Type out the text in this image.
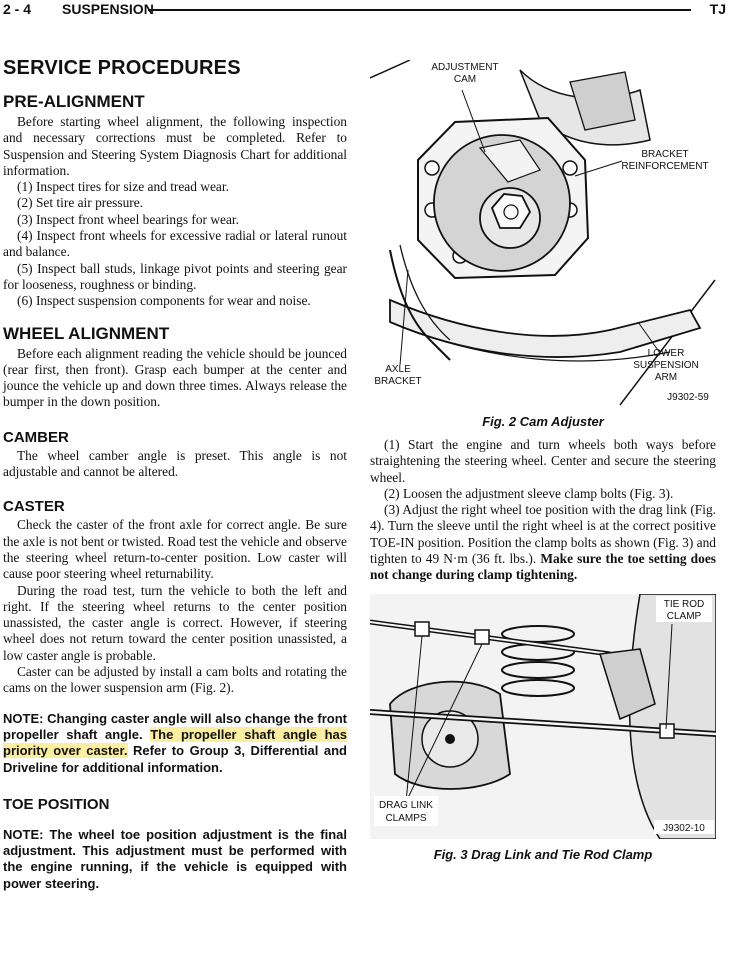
2 - 4 SUSPENSION	TJ
SERVICE PROCEDURES
PRE-ALIGNMENT

Before starting wheel alignment, the following inspection and necessary corrections must be completed. Refer to Suspension and Steering System Diagnosis Chart for additional information.

(1) Inspect tires for size and tread wear.

(2) Set tire air pressure.

(3) Inspect front wheel bearings for wear.

(4) Inspect front wheels for excessive radial or lateral runout and balance.

(5) Inspect ball studs, linkage pivot points and steering gear for looseness, roughness or binding.

(6) Inspect suspension components for wear and noise.

WHEEL ALIGNMENT

Before each alignment reading the vehicle should be jounced (rear first, then front). Grasp each bumper at the center and jounce the vehicle up and down three times. Always release the bumper in the down position.

CAMBER

The wheel camber angle is preset. This angle is not adjustable and cannot be altered.

CASTER

Check the caster of the front axle for correct angle. Be sure the axle is not bent or twisted. Road test the vehicle and observe the steering wheel return-to-center position. Low caster will cause poor steering wheel returnability.

During the road test, turn the vehicle to both the left and right. If the steering wheel returns to the center position unassisted, the caster angle is correct. However, if steering wheel does not return toward the center position unassisted, a low caster angle is probable.

Caster can be adjusted by install a cam bolts and rotating the cams on the lower suspension arm (Fig. 2).

NOTE: Changing caster angle will also change the front propeller shaft angle. The propeller shaft angle has priority over caster. Refer to Group 3, Differential and Driveline for additional information.

TOE POSITION

NOTE: The wheel toe position adjustment is the final adjustment. This adjustment must be performed with the engine running, if the vehicle is equipped with power steering.

ADJUSTMENT
CAM
BRACKET
REINFORCEMENT
AXLE
BRACKET
LOWER
SUSPENSION
ARM
J9302-59
Fig. 2 Cam Adjuster

(1) Start the engine and turn wheels both ways before straightening the steering wheel. Center and secure the steering wheel.

(2) Loosen the adjustment sleeve clamp bolts (Fig. 3).

(3) Adjust the right wheel toe position with the drag link (Fig. 4). Turn the sleeve until the right wheel is at the correct positive TOE-IN position. Position the clamp bolts as shown (Fig. 3) and tighten to 49 N·m (36 ft. lbs.). Make sure the toe setting does not change during clamp tightening.

TIE ROD
CLAMP
DRAG LINK
CLAMPS
J9302-10
Fig. 3 Drag Link and Tie Rod Clamp
